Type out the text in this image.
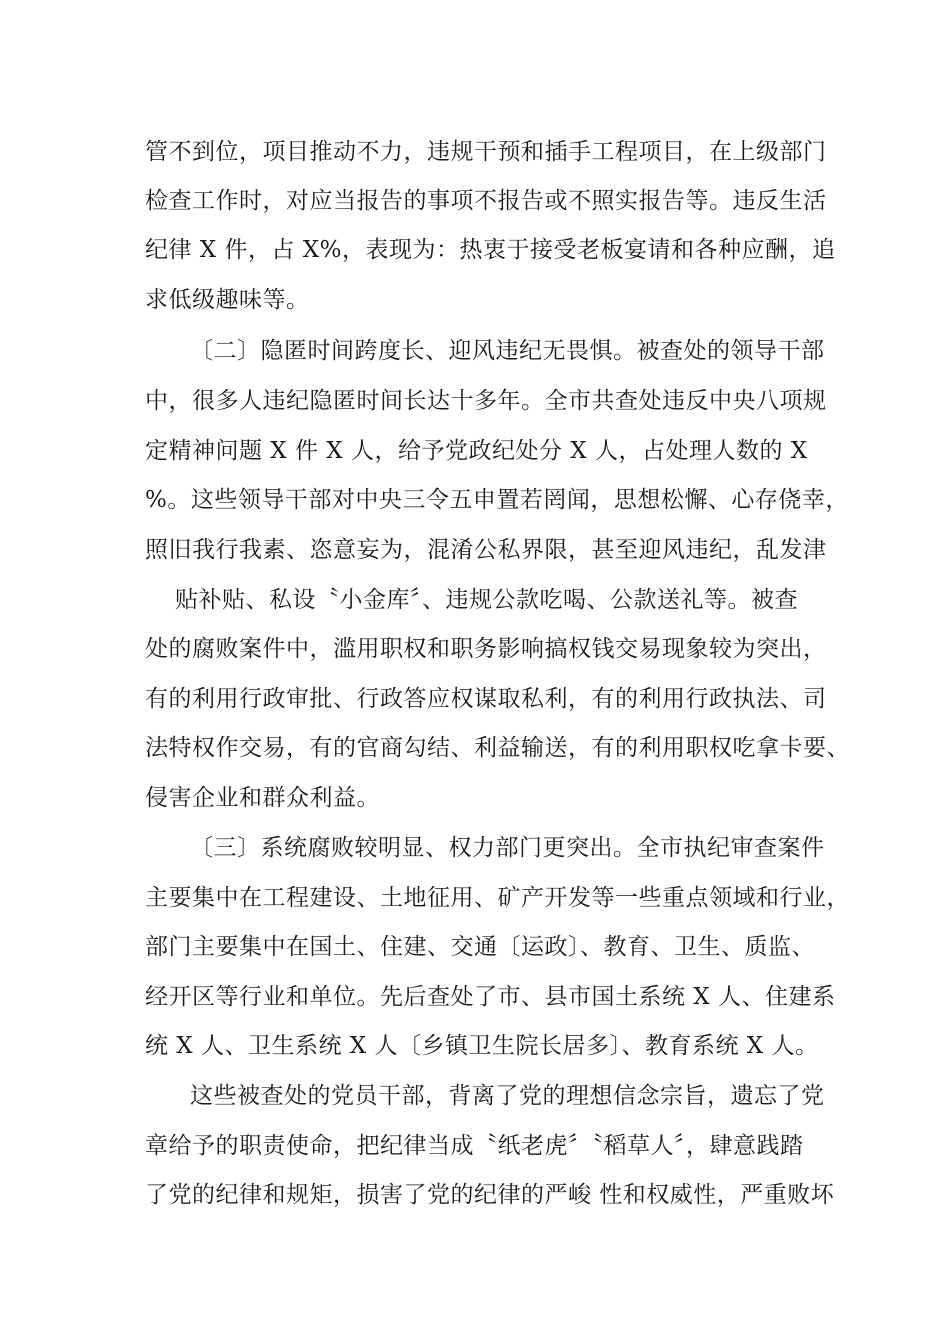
管不到位，项目推动不力，违规干预和插手工程项目，在上级部门
检查工作时，对应当报告的事项不报告或不照实报告等。违反生活
纪律 X 件，占 X%，表现为：热衷于接受老板宴请和各种应酬，追
求低级趣味等。
〔二〕隐匿时间跨度长、迎风违纪无畏惧。被查处的领导干部
中，很多人违纪隐匿时间长达十多年。全市共查处违反中央八项规
定精神问题 X 件 X 人，给予党政纪处分 X 人，占处理人数的 X
%。这些领导干部对中央三令五申置若罔闻，思想松懈、心存侥幸，
照旧我行我素、恣意妄为，混淆公私界限，甚至迎风违纪，乱发津
贴补贴、私设〝小金库〞、违规公款吃喝、公款送礼等。被查
处的腐败案件中，滥用职权和职务影响搞权钱交易现象较为突出，
有的利用行政审批、行政答应权谋取私利，有的利用行政执法、司
法特权作交易，有的官商勾结、利益输送，有的利用职权吃拿卡要、
侵害企业和群众利益。
〔三〕系统腐败较明显、权力部门更突出。全市执纪审查案件
主要集中在工程建设、土地征用、矿产开发等一些重点领域和行业，
部门主要集中在国土、住建、交通〔运政〕、教育、卫生、质监、
经开区等行业和单位。先后查处了市、县市国土系统 X 人、住建系
统 X 人、卫生系统 X 人〔乡镇卫生院长居多〕、教育系统 X 人。
这些被查处的党员干部，背离了党的理想信念宗旨，遗忘了党
章给予的职责使命，把纪律当成〝纸老虎〞〝稻草人〞，肆意践踏
了党的纪律和规矩，损害了党的纪律的严峻 性和权威性，严重败坏
